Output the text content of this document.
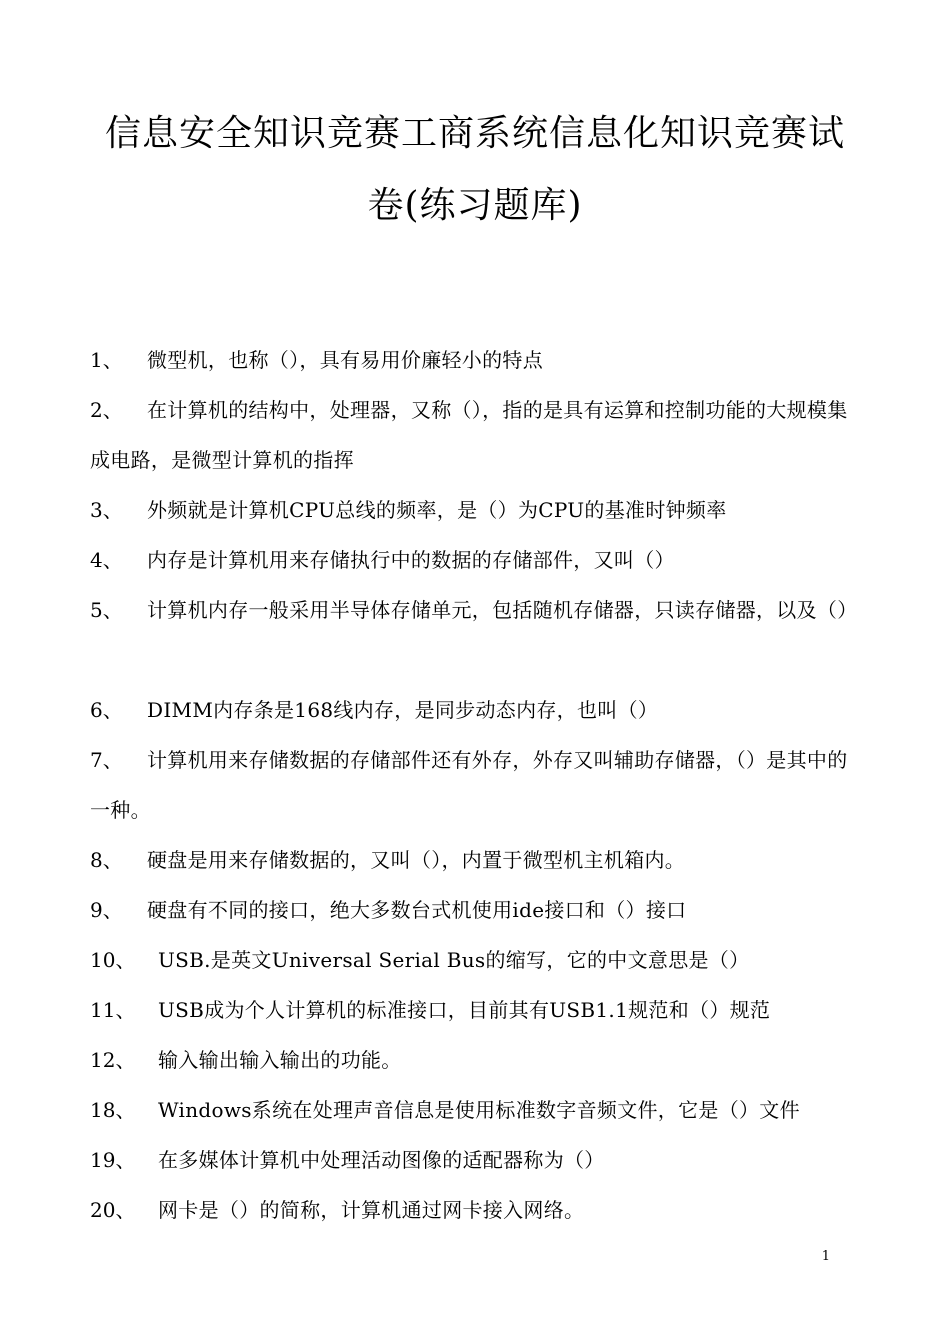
信息安全知识竞赛工商系统信息化知识竞赛试
卷(练习题库)
1、 微型机，也称（），具有易用价廉轻小的特点
2、 在计算机的结构中，处理器，又称（），指的是具有运算和控制功能的大规模集成电路，是微型计算机的指挥
3、 外频就是计算机CPU总线的频率，是（）为CPU的基准时钟频率
4、 内存是计算机用来存储执行中的数据的存储部件，又叫（）
5、 计算机内存一般采用半导体存储单元，包括随机存储器，只读存储器，以及（）
6、 DIMM内存条是168线内存，是同步动态内存，也叫（）
7、 计算机用来存储数据的存储部件还有外存，外存又叫辅助存储器，（）是其中的一种。
8、 硬盘是用来存储数据的，又叫（），内置于微型机主机箱内。
9、 硬盘有不同的接口，绝大多数台式机使用ide接口和（）接口
10、 USB.是英文Universal Serial Bus的缩写，它的中文意思是（）
11、 USB成为个人计算机的标准接口，目前其有USB1.1规范和（）规范
12、 输入输出输入输出的功能。
18、 Windows系统在处理声音信息是使用标准数字音频文件，它是（）文件
19、 在多媒体计算机中处理活动图像的适配器称为（）
20、 网卡是（）的简称，计算机通过网卡接入网络。
1
